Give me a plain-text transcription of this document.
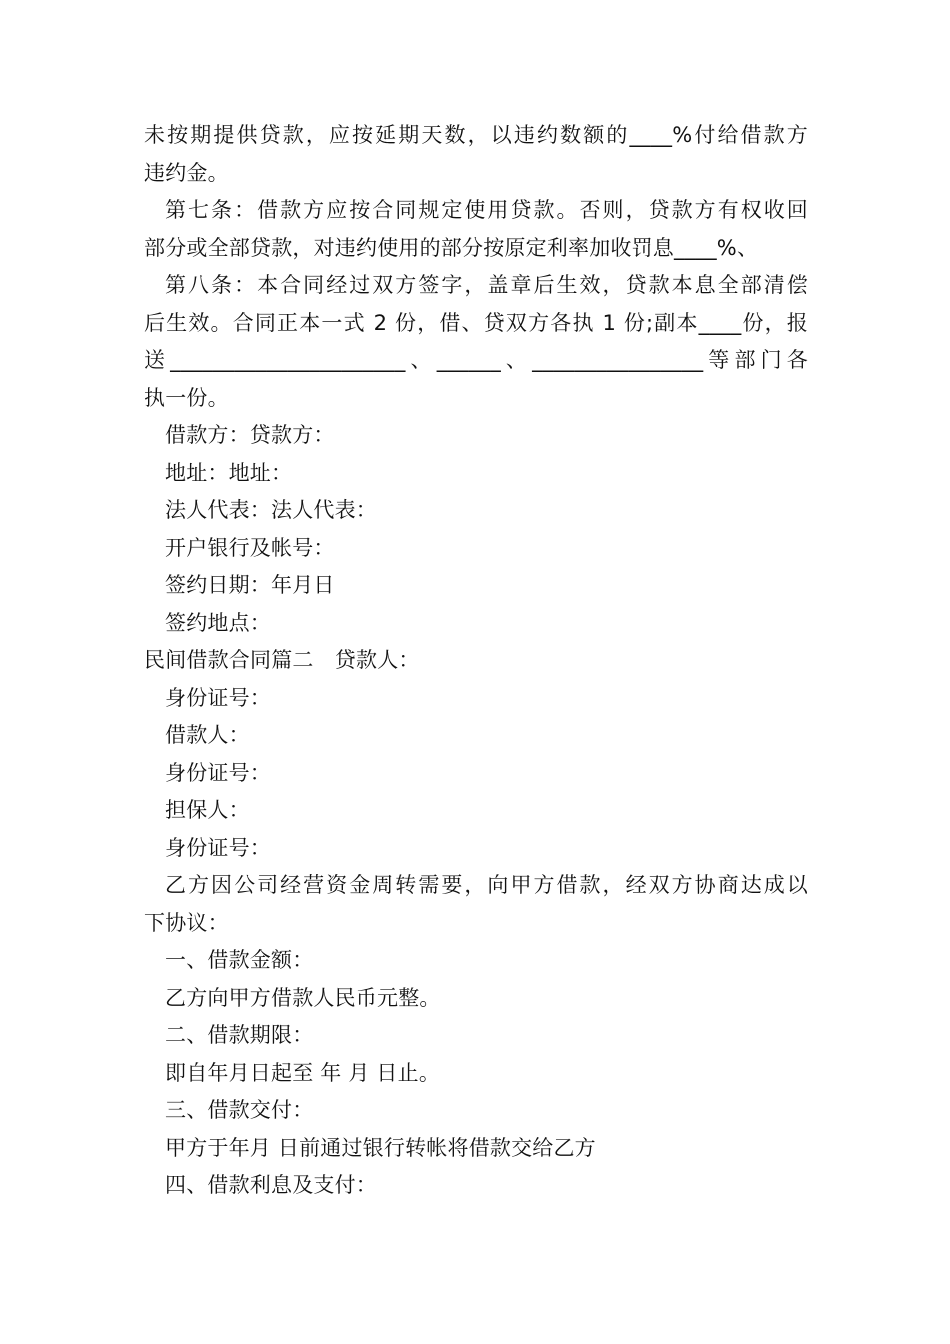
未按期提供贷款，应按延期天数，以违约数额的____%付给借款方
违约金。
第七条：借款方应按合同规定使用贷款。否则，贷款方有权收回
部分或全部贷款，对违约使用的部分按原定利率加收罚息____%、
第八条：本合同经过双方签字，盖章后生效，贷款本息全部清偿
后生效。合同正本一式 2 份，借、贷双方各执 1 份;副本____份，报
送______________________、______、________________等部门各
执一份。
借款方：贷款方：
地址：地址：
法人代表：法人代表：
开户银行及帐号：
签约日期：年月日
签约地点：
民间借款合同篇二　贷款人：
身份证号：
借款人：
身份证号：
担保人：
身份证号：
乙方因公司经营资金周转需要，向甲方借款，经双方协商达成以
下协议：
一、借款金额：
乙方向甲方借款人民币元整。
二、借款期限：
即自年月日起至 年 月 日止。
三、借款交付：
甲方于年月 日前通过银行转帐将借款交给乙方
四、借款利息及支付：
